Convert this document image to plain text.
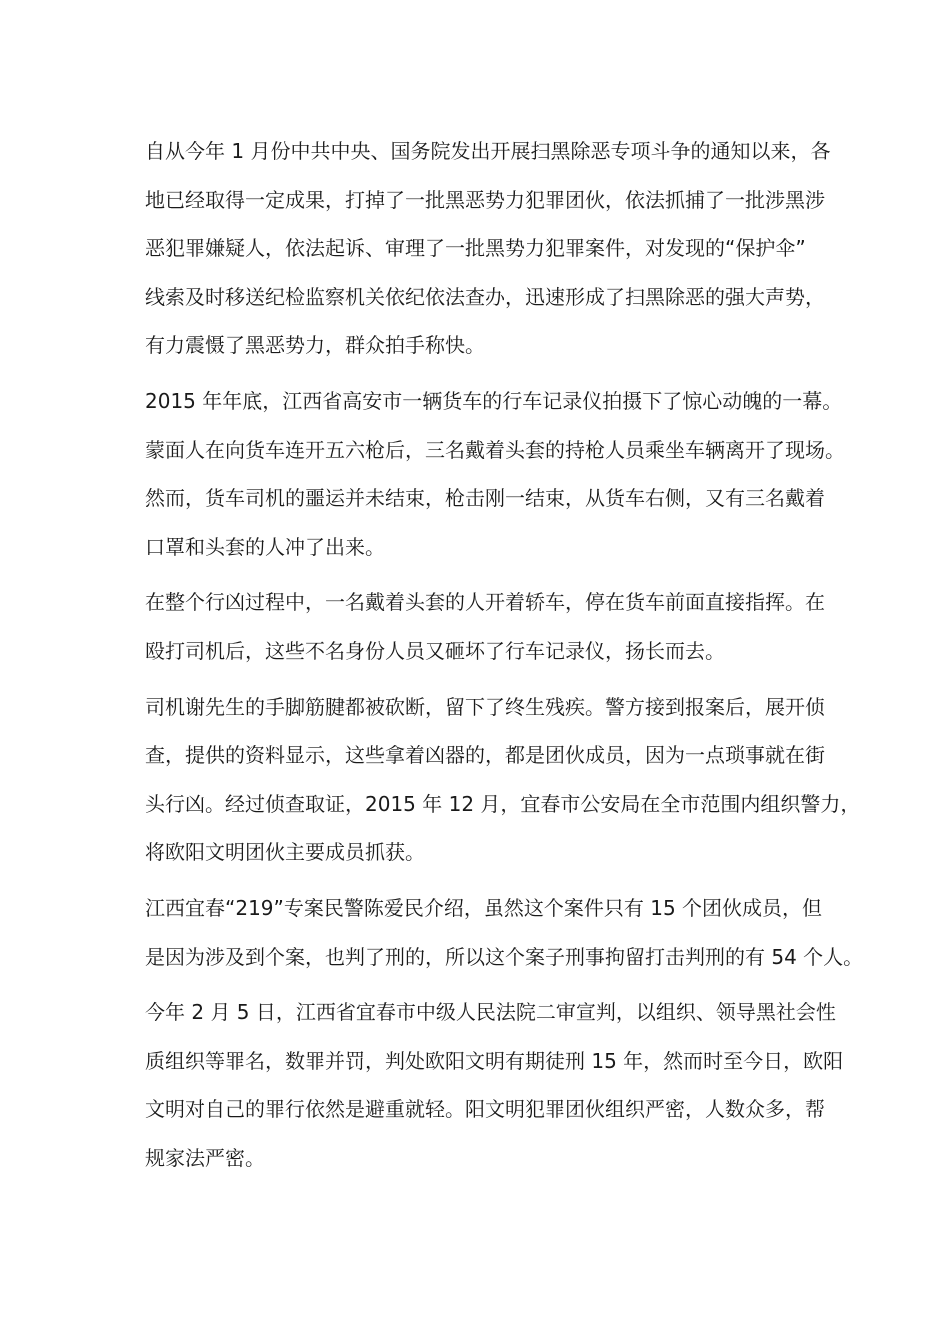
自从今年 1 月份中共中央、国务院发出开展扫黑除恶专项斗争的通知以来，各
地已经取得一定成果，打掉了一批黑恶势力犯罪团伙，依法抓捕了一批涉黑涉
恶犯罪嫌疑人，依法起诉、审理了一批黑势力犯罪案件，对发现的“保护伞”
线索及时移送纪检监察机关依纪依法查办，迅速形成了扫黑除恶的强大声势，
有力震慑了黑恶势力，群众拍手称快。
2015 年年底，江西省高安市一辆货车的行车记录仪拍摄下了惊心动魄的一幕。
蒙面人在向货车连开五六枪后，三名戴着头套的持枪人员乘坐车辆离开了现场。
然而，货车司机的噩运并未结束，枪击刚一结束，从货车右侧，又有三名戴着
口罩和头套的人冲了出来。
在整个行凶过程中，一名戴着头套的人开着轿车，停在货车前面直接指挥。在
殴打司机后，这些不名身份人员又砸坏了行车记录仪，扬长而去。
司机谢先生的手脚筋腱都被砍断，留下了终生残疾。警方接到报案后，展开侦
查，提供的资料显示，这些拿着凶器的，都是团伙成员，因为一点琐事就在街
头行凶。经过侦查取证，2015 年 12 月，宜春市公安局在全市范围内组织警力，
将欧阳文明团伙主要成员抓获。
江西宜春“219”专案民警陈爱民介绍，虽然这个案件只有 15 个团伙成员，但
是因为涉及到个案，也判了刑的，所以这个案子刑事拘留打击判刑的有 54 个人。
今年 2 月 5 日，江西省宜春市中级人民法院二审宣判，以组织、领导黑社会性
质组织等罪名，数罪并罚，判处欧阳文明有期徒刑 15 年，然而时至今日，欧阳
文明对自己的罪行依然是避重就轻。阳文明犯罪团伙组织严密，人数众多，帮
规家法严密。
